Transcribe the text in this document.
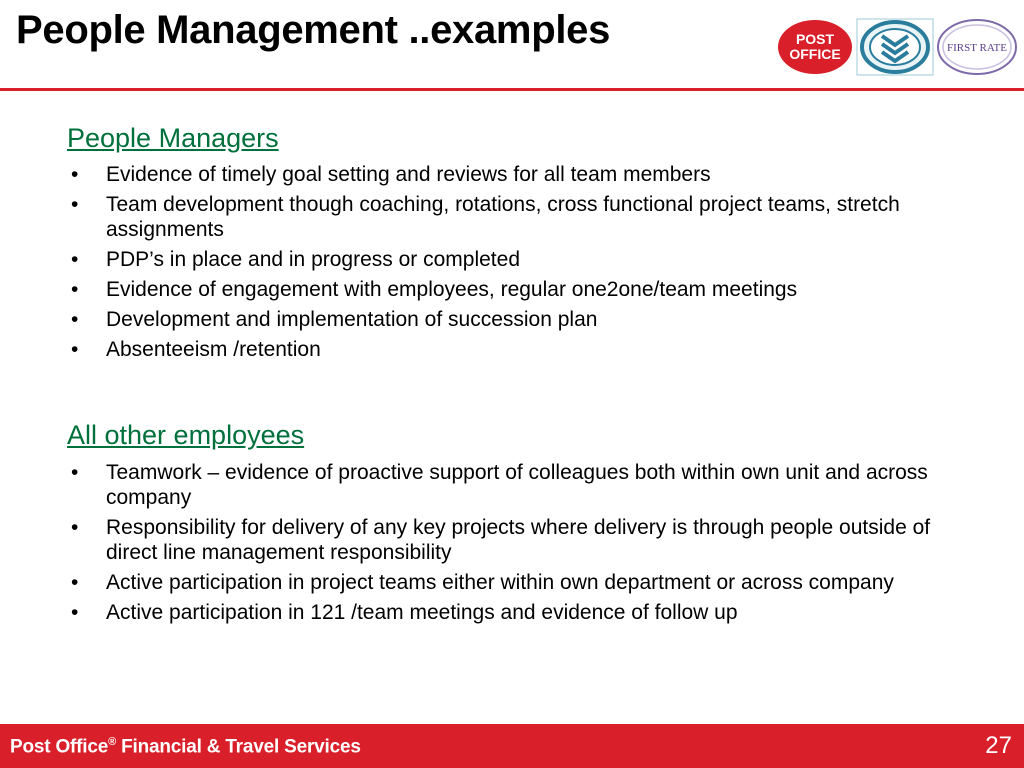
People Management ..examples	POST
OFFICE	FIRST RATE
People Managers
• Evidence of timely goal setting and reviews for all team members
• Team development though coaching, rotations, cross functional project teams, stretch assignments
• PDP’s in place and in progress or completed
• Evidence of engagement with employees, regular one2one/team meetings
• Development and implementation of succession plan
• Absenteeism /retention
All other employees
• Teamwork – evidence of proactive support of colleagues both within own unit and across company
• Responsibility for delivery of any key projects where delivery is through people outside of direct line management responsibility
• Active participation in project teams either within own department or across company
• Active participation in 121 /team meetings and evidence of follow up
Post Office® Financial & Travel Services	27
